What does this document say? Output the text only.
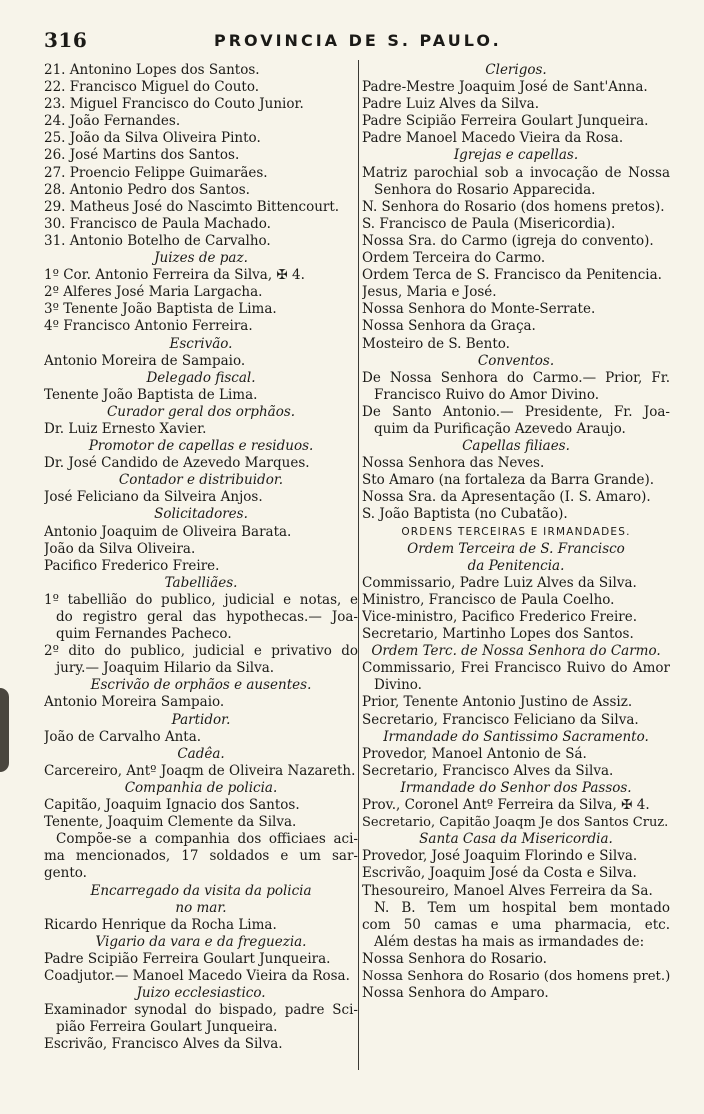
316	PROVINCIA DE S. PAULO.
21. Antonino Lopes dos Santos.
22. Francisco Miguel do Couto.
23. Miguel Francisco do Couto Junior.
24. João Fernandes.
25. João da Silva Oliveira Pinto.
26. José Martins dos Santos.
27. Proencio Felippe Guimarães.
28. Antonio Pedro dos Santos.
29. Matheus José do Nascimto Bittencourt.
30. Francisco de Paula Machado.
31. Antonio Botelho de Carvalho.
Juizes de paz.
1º Cor. Antonio Ferreira da Silva, ✠ 4.
2º Alferes José Maria Largacha.
3º Tenente João Baptista de Lima.
4º Francisco Antonio Ferreira.
Escrivão.
Antonio Moreira de Sampaio.
Delegado fiscal.
Tenente João Baptista de Lima.
Curador geral dos orphãos.
Dr. Luiz Ernesto Xavier.
Promotor de capellas e residuos.
Dr. José Candido de Azevedo Marques.
Contador e distribuidor.
José Feliciano da Silveira Anjos.
Solicitadores.
Antonio Joaquim de Oliveira Barata.
João da Silva Oliveira.
Pacifico Frederico Freire.
Tabelliães.
1º tabellião do publico, judicial e notas, e
do registro geral das hypothecas.— Joa-
quim Fernandes Pacheco.
2º dito do publico, judicial e privativo do
jury.— Joaquim Hilario da Silva.
Escrivão de orphãos e ausentes.
Antonio Moreira Sampaio.
Partidor.
João de Carvalho Anta.
Cadêa.
Carcereiro, Antº Joaqm de Oliveira Nazareth.
Companhia de policia.
Capitão, Joaquim Ignacio dos Santos.
Tenente, Joaquim Clemente da Silva.
Compõe-se a companhia dos officiaes aci-
ma mencionados, 17 soldados e um sar-
gento.
Encarregado da visita da policia
no mar.
Ricardo Henrique da Rocha Lima.
Vigario da vara e da freguezia.
Padre Scipião Ferreira Goulart Junqueira.
Coadjutor.— Manoel Macedo Vieira da Rosa.
Juizo ecclesiastico.
Examinador synodal do bispado, padre Sci-
pião Ferreira Goulart Junqueira.
Escrivão, Francisco Alves da Silva.
Clerigos.
Padre-Mestre Joaquim José de Sant'Anna.
Padre Luiz Alves da Silva.
Padre Scipião Ferreira Goulart Junqueira.
Padre Manoel Macedo Vieira da Rosa.
Igrejas e capellas.
Matriz parochial sob a invocação de Nossa
Senhora do Rosario Apparecida.
N. Senhora do Rosario (dos homens pretos).
S. Francisco de Paula (Misericordia).
Nossa Sra. do Carmo (igreja do convento).
Ordem Terceira do Carmo.
Ordem Terca de S. Francisco da Penitencia.
Jesus, Maria e José.
Nossa Senhora do Monte-Serrate.
Nossa Senhora da Graça.
Mosteiro de S. Bento.
Conventos.
De Nossa Senhora do Carmo.— Prior, Fr.
Francisco Ruivo do Amor Divino.
De Santo Antonio.— Presidente, Fr. Joa-
quim da Purificação Azevedo Araujo.
Capellas filiaes.
Nossa Senhora das Neves.
Sto Amaro (na fortaleza da Barra Grande).
Nossa Sra. da Apresentação (I. S. Amaro).
S. João Baptista (no Cubatão).
ORDENS TERCEIRAS E IRMANDADES.
Ordem Terceira de S. Francisco
da Penitencia.
Commissario, Padre Luiz Alves da Silva.
Ministro, Francisco de Paula Coelho.
Vice-ministro, Pacifico Frederico Freire.
Secretario, Martinho Lopes dos Santos.
Ordem Terc. de Nossa Senhora do Carmo.
Commissario, Frei Francisco Ruivo do Amor
Divino.
Prior, Tenente Antonio Justino de Assiz.
Secretario, Francisco Feliciano da Silva.
Irmandade do Santissimo Sacramento.
Provedor, Manoel Antonio de Sá.
Secretario, Francisco Alves da Silva.
Irmandade do Senhor dos Passos.
Prov., Coronel Antº Ferreira da Silva, ✠ 4.
Secretario, Capitão Joaqm Je dos Santos Cruz.
Santa Casa da Misericordia.
Provedor, José Joaquim Florindo e Silva.
Escrivão, Joaquim José da Costa e Silva.
Thesoureiro, Manoel Alves Ferreira da Sa.
N. B. Tem um hospital bem montado
com 50 camas e uma pharmacia, etc.
Além destas ha mais as irmandades de:
Nossa Senhora do Rosario.
Nossa Senhora do Rosario (dos homens pret.)
Nossa Senhora do Amparo.
